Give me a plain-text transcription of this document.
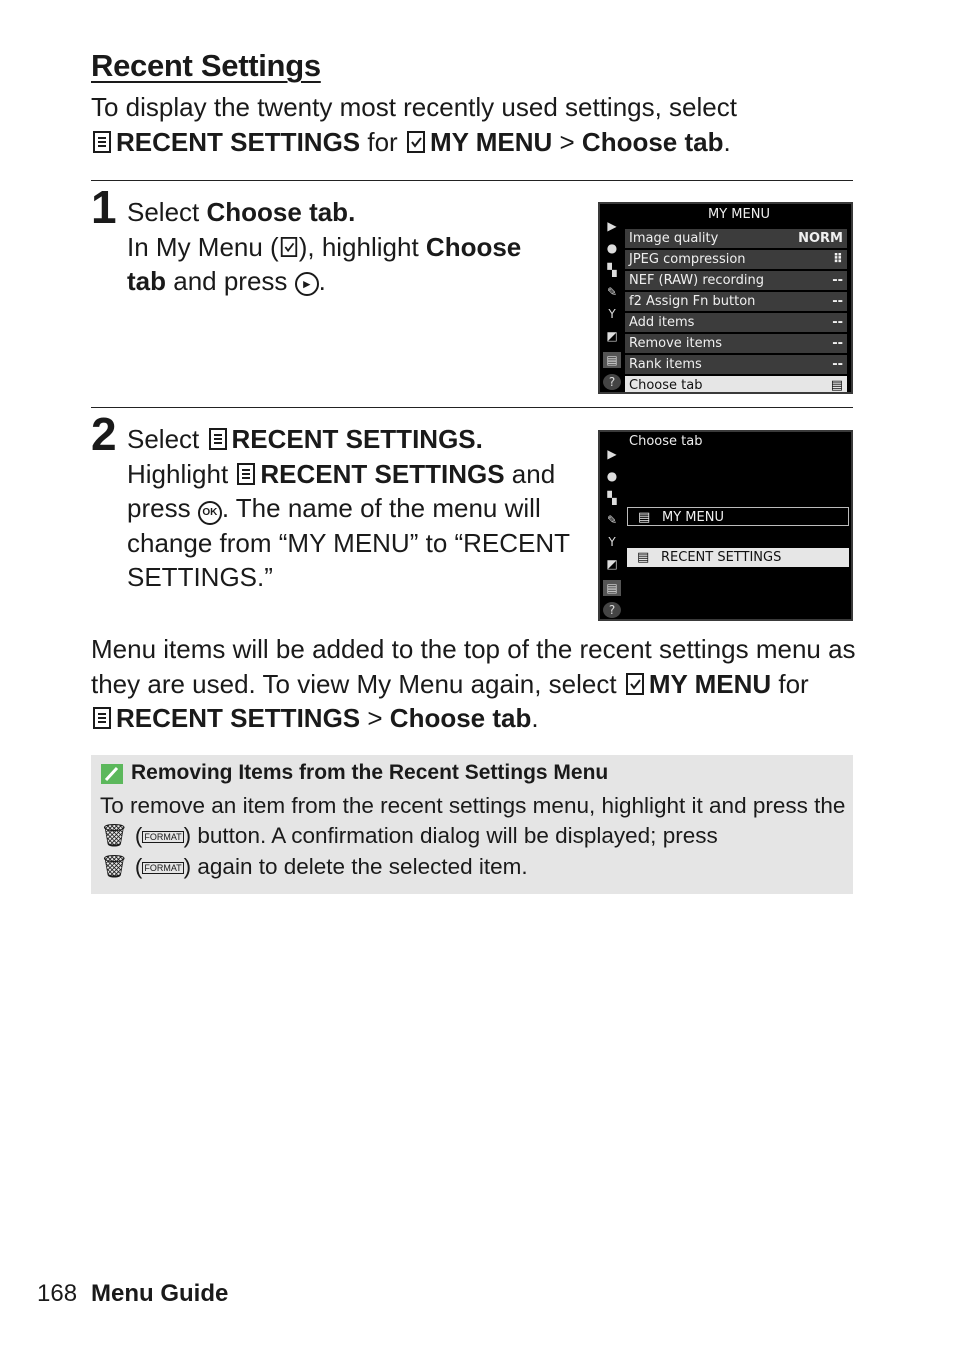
Recent Settings
To display the twenty most recently used settings, select
RECENT SETTINGS for MY MENU > Choose tab.
1 Select Choose tab.
In My Menu ( ), highlight Choose
tab and press ▸ .
▶
●
▚
✎
Y
◩
▤
?
MY MENU
Image quality	NORM
JPEG compression	⠿
NEF (RAW) recording	--
f2 Assign Fn button	--
Add items	--
Remove items	--
Rank items	--
Choose tab	▤
2 Select RECENT SETTINGS.
Highlight RECENT SETTINGS and
press OK . The name of the menu will change from “MY MENU” to “RECENT SETTINGS.”
▶
●
▚
✎
Y
◩
▤
?
Choose tab
▤ MY MENU
▤ RECENT SETTINGS
Menu items will be added to the top of the recent settings menu as they are used. To view My Menu again, select MY MENU for
RECENT SETTINGS > Choose tab.
Removing Items from the Recent Settings Menu
To remove an item from the recent settings menu, highlight it and press the 🗑 ( FORMAT) button. A confirmation dialog will be displayed; press
🗑 ( FORMAT) again to delete the selected item.
168 Menu Guide
